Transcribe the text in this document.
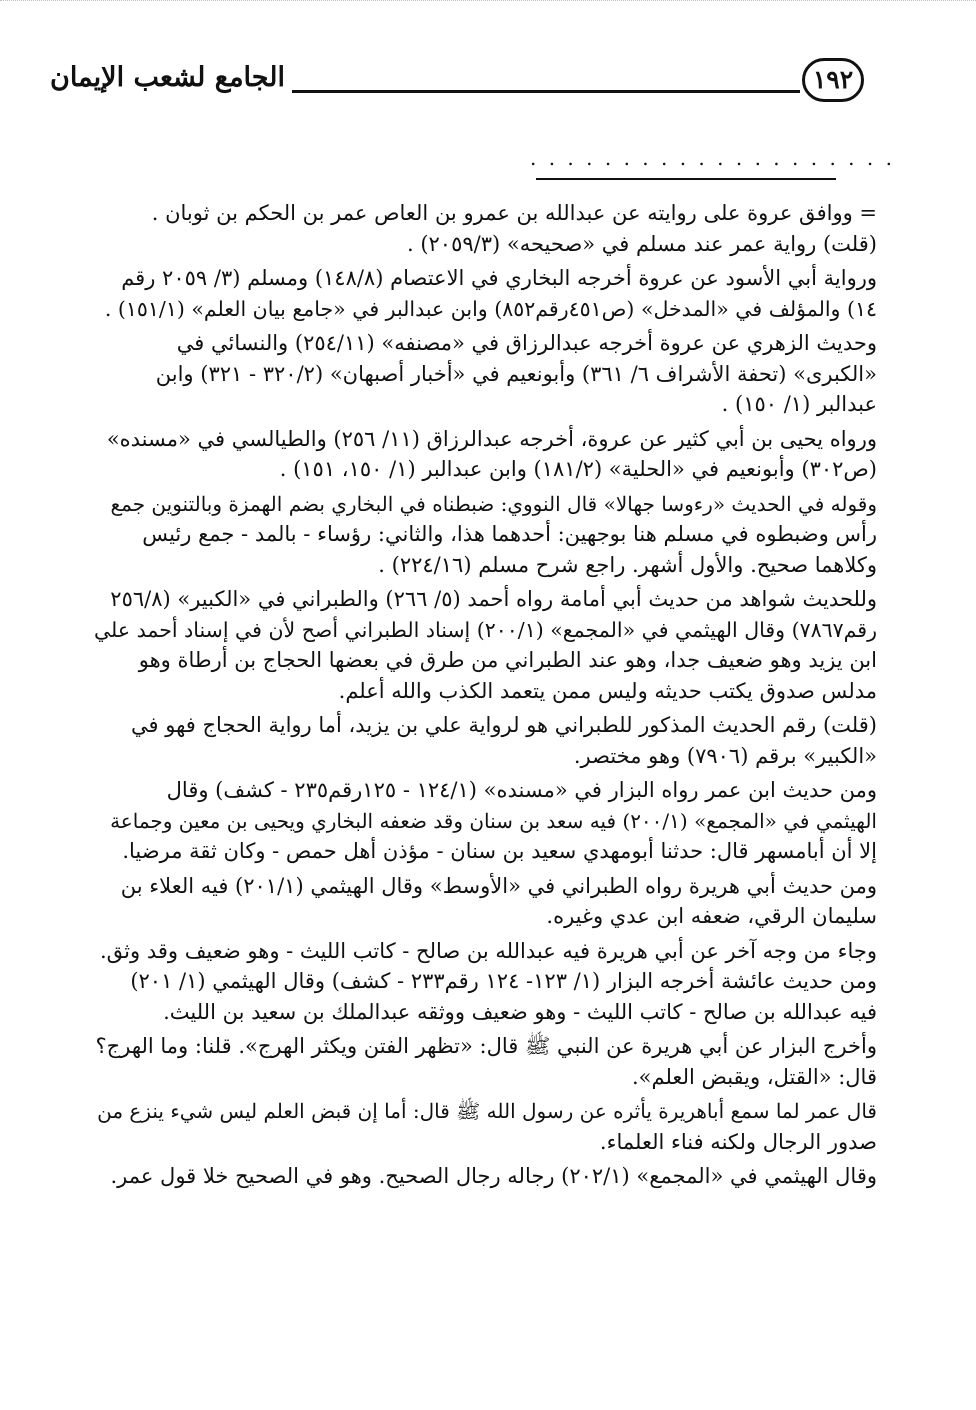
الجامع لشعب الإيمان	١٩٢
. . . . . . . . . . . . . . . . . . . .

= ووافق عروة على روايته عن عبدالله بن عمرو بن العاص عمر بن الحكم بن ثوبان .
(قلت) رواية عمر عند مسلم في «صحيحه» (٢٠٥٩/٣) .

ورواية أبي الأسود عن عروة أخرجه البخاري في الاعتصام (١٤٨/٨) ومسلم (٣/ ٢٠٥٩ رقم
١٤) والمؤلف في «المدخل» (ص٤٥١رقم٨٥٢) وابن عبدالبر في «جامع بيان العلم» (١٥١/١) .

وحديث الزهري عن عروة أخرجه عبدالرزاق في «مصنفه» (٢٥٤/١١) والنسائي في
«الكبرى» (تحفة الأشراف ٦/ ٣٦١) وأبونعيم في «أخبار أصبهان» (٣٢٠/٢ - ٣٢١) وابن
عبدالبر (١/ ١٥٠) .

ورواه يحيى بن أبي كثير عن عروة، أخرجه عبدالرزاق (١١/ ٢٥٦) والطيالسي في «مسنده»
(ص٣٠٢) وأبونعيم في «الحلية» (١٨١/٢) وابن عبدالبر (١/ ١٥٠، ١٥١) .

وقوله في الحديث «رءوسا جهالا» قال النووي: ضبطناه في البخاري بضم الهمزة وبالتنوين جمع
رأس وضبطوه في مسلم هنا بوجهين: أحدهما هذا، والثاني: رؤساء - بالمد - جمع رئيس
وكلاهما صحيح. والأول أشهر. راجع شرح مسلم (٢٢٤/١٦) .

وللحديث شواهد من حديث أبي أمامة رواه أحمد (٥/ ٢٦٦) والطبراني في «الكبير» (٢٥٦/٨
رقم٧٨٦٧) وقال الهيثمي في «المجمع» (٢٠٠/١) إسناد الطبراني أصح لأن في إسناد أحمد علي
ابن يزيد وهو ضعيف جدا، وهو عند الطبراني من طرق في بعضها الحجاج بن أرطاة وهو
مدلس صدوق يكتب حديثه وليس ممن يتعمد الكذب والله أعلم.

(قلت) رقم الحديث المذكور للطبراني هو لرواية علي بن يزيد، أما رواية الحجاج فهو في
«الكبير» برقم (٧٩٠٦) وهو مختصر.

ومن حديث ابن عمر رواه البزار في «مسنده» (١٢٤/١ - ١٢٥رقم٢٣٥ - كشف) وقال
الهيثمي في «المجمع» (٢٠٠/١) فيه سعد بن سنان وقد ضعفه البخاري ويحيى بن معين وجماعة
إلا أن أبامسهر قال: حدثنا أبومهدي سعيد بن سنان - مؤذن أهل حمص - وكان ثقة مرضيا.

ومن حديث أبي هريرة رواه الطبراني في «الأوسط» وقال الهيثمي (٢٠١/١) فيه العلاء بن
سليمان الرقي، ضعفه ابن عدي وغيره.

وجاء من وجه آخر عن أبي هريرة فيه عبدالله بن صالح - كاتب الليث - وهو ضعيف وقد وثق.
ومن حديث عائشة أخرجه البزار (١/ ١٢٣- ١٢٤ رقم٢٣٣ - كشف) وقال الهيثمي (١/ ٢٠١)
فيه عبدالله بن صالح - كاتب الليث - وهو ضعيف ووثقه عبدالملك بن سعيد بن الليث.

وأخرج البزار عن أبي هريرة عن النبي ﷺ قال: «تظهر الفتن ويكثر الهرج». قلنا: وما الهرج؟
قال: «القتل، ويقبض العلم».

قال عمر لما سمع أباهريرة يأثره عن رسول الله ﷺ قال: أما إن قبض العلم ليس شيء ينزع من
صدور الرجال ولكنه فناء العلماء.

وقال الهيثمي في «المجمع» (٢٠٢/١) رجاله رجال الصحيح. وهو في الصحيح خلا قول عمر.
